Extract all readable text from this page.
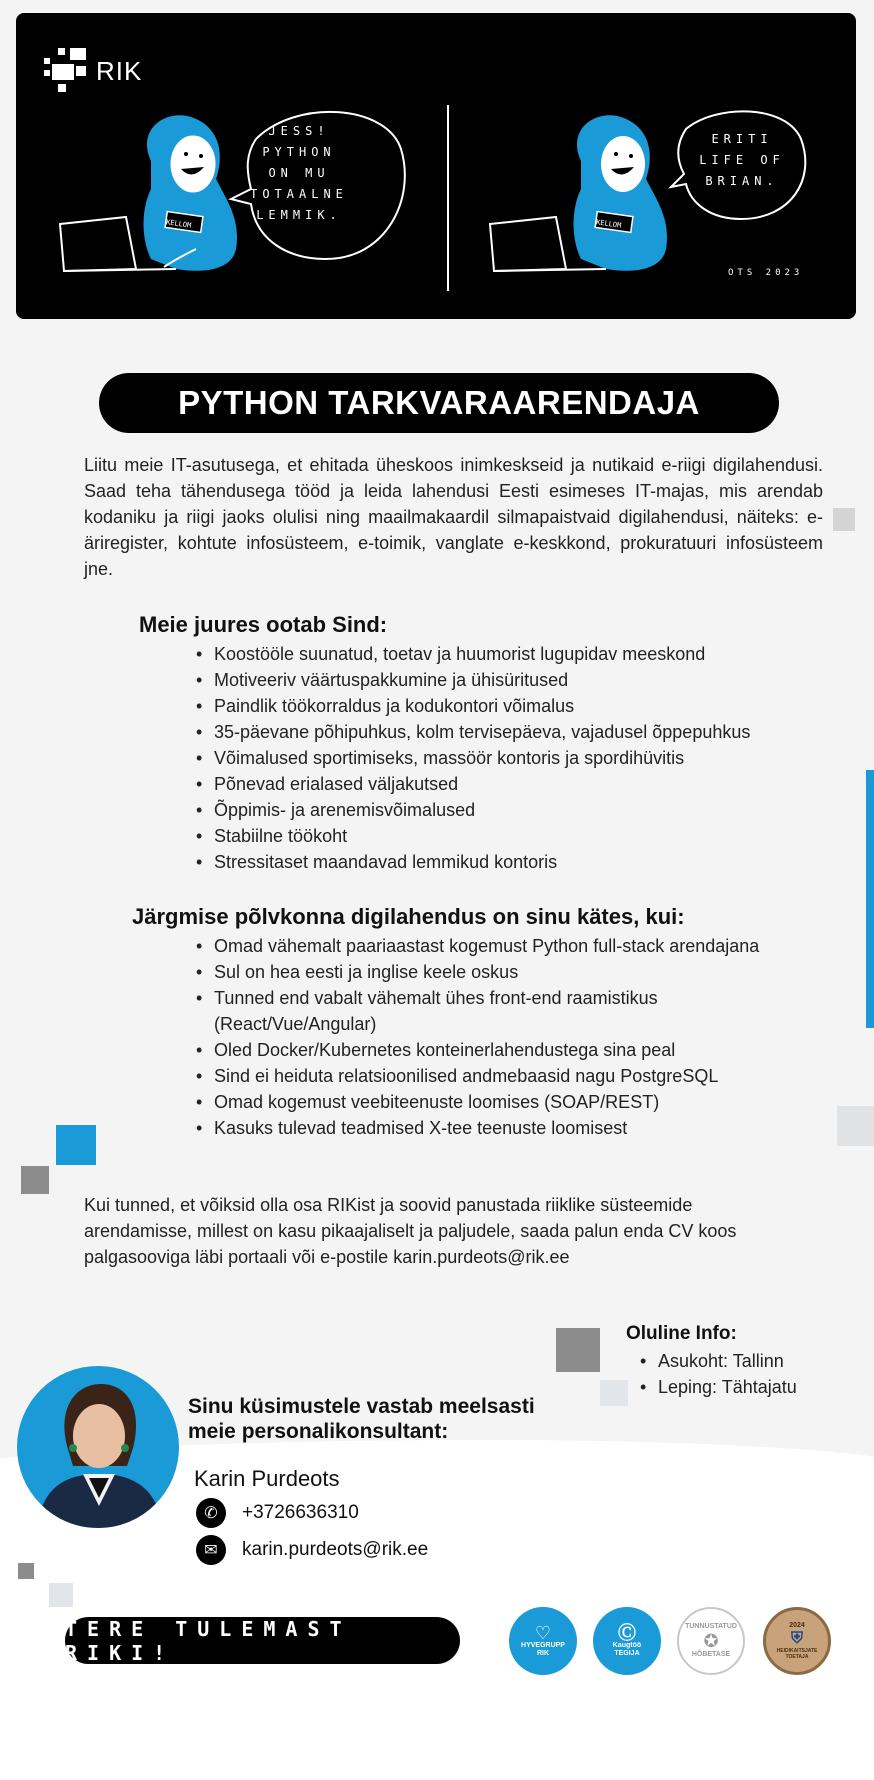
RIK
JESS!
PYTHON
ON MU
TOTAALNE
LEMMIK.
KELLOM
ERITI
LIFE OF
BRIAN.
KELLOM
OTS 2023
PYTHON TARKVARAARENDAJA
Liitu meie IT-asutusega, et ehitada üheskoos inimkeskseid ja nutikaid e-riigi digilahendusi. Saad teha tähendusega tööd ja leida lahendusi Eesti esimeses IT-majas, mis arendab kodaniku ja riigi jaoks olulisi ning maailmakaardil silmapaistvaid digilahendusi, näiteks: e-äriregister, kohtute infosüsteem, e-toimik, vanglate e-keskkond, prokuratuuri infosüsteem jne.
Meie juures ootab Sind:
• Koostööle suunatud, toetav ja huumorist lugupidav meeskond
• Motiveeriv väärtuspakkumine ja ühisüritused
• Paindlik töökorraldus ja kodukontori võimalus
• 35-päevane põhipuhkus, kolm tervisepäeva, vajadusel õppepuhkus
• Võimalused sportimiseks, massöör kontoris ja spordihüvitis
• Põnevad erialased väljakutsed
• Õppimis- ja arenemisvõimalused
• Stabiilne töökoht
• Stressitaset maandavad lemmikud kontoris
Järgmise põlvkonna digilahendus on sinu kätes, kui:
• Omad vähemalt paariaastast kogemust Python full-stack arendajana
• Sul on hea eesti ja inglise keele oskus
• Tunned end vabalt vähemalt ühes front-end raamistikus (React/Vue/Angular)
• Oled Docker/Kubernetes konteinerlahendustega sina peal
• Sind ei heiduta relatsioonilised andmebaasid nagu PostgreSQL
• Omad kogemust veebiteenuste loomises (SOAP/REST)
• Kasuks tulevad teadmised X-tee teenuste loomisest
Kui tunned, et võiksid olla osa RIKist ja soovid panustada riiklike süsteemide arendamisse, millest on kasu pikaajaliselt ja paljudele, saada palun enda CV koos palgasooviga läbi portaali või e-postile karin.purdeots@rik.ee
Oluline Info:
• Asukoht: Tallinn
• Leping: Tähtajatu
Sinu küsimustele vastab meelsasti meie personalikonsultant:
Karin Purdeots
✆	+3726636310
✉	karin.purdeots@rik.ee
TERE TULEMAST RIKI!
♡
HYVEGRUPP
RIK
Ⓒ
Kaugtöö
TEGIJA
TUNNUSTATUD
✪
HÕBETASE
2024
⛨
HEIDIKAITSJATE TOETAJA
